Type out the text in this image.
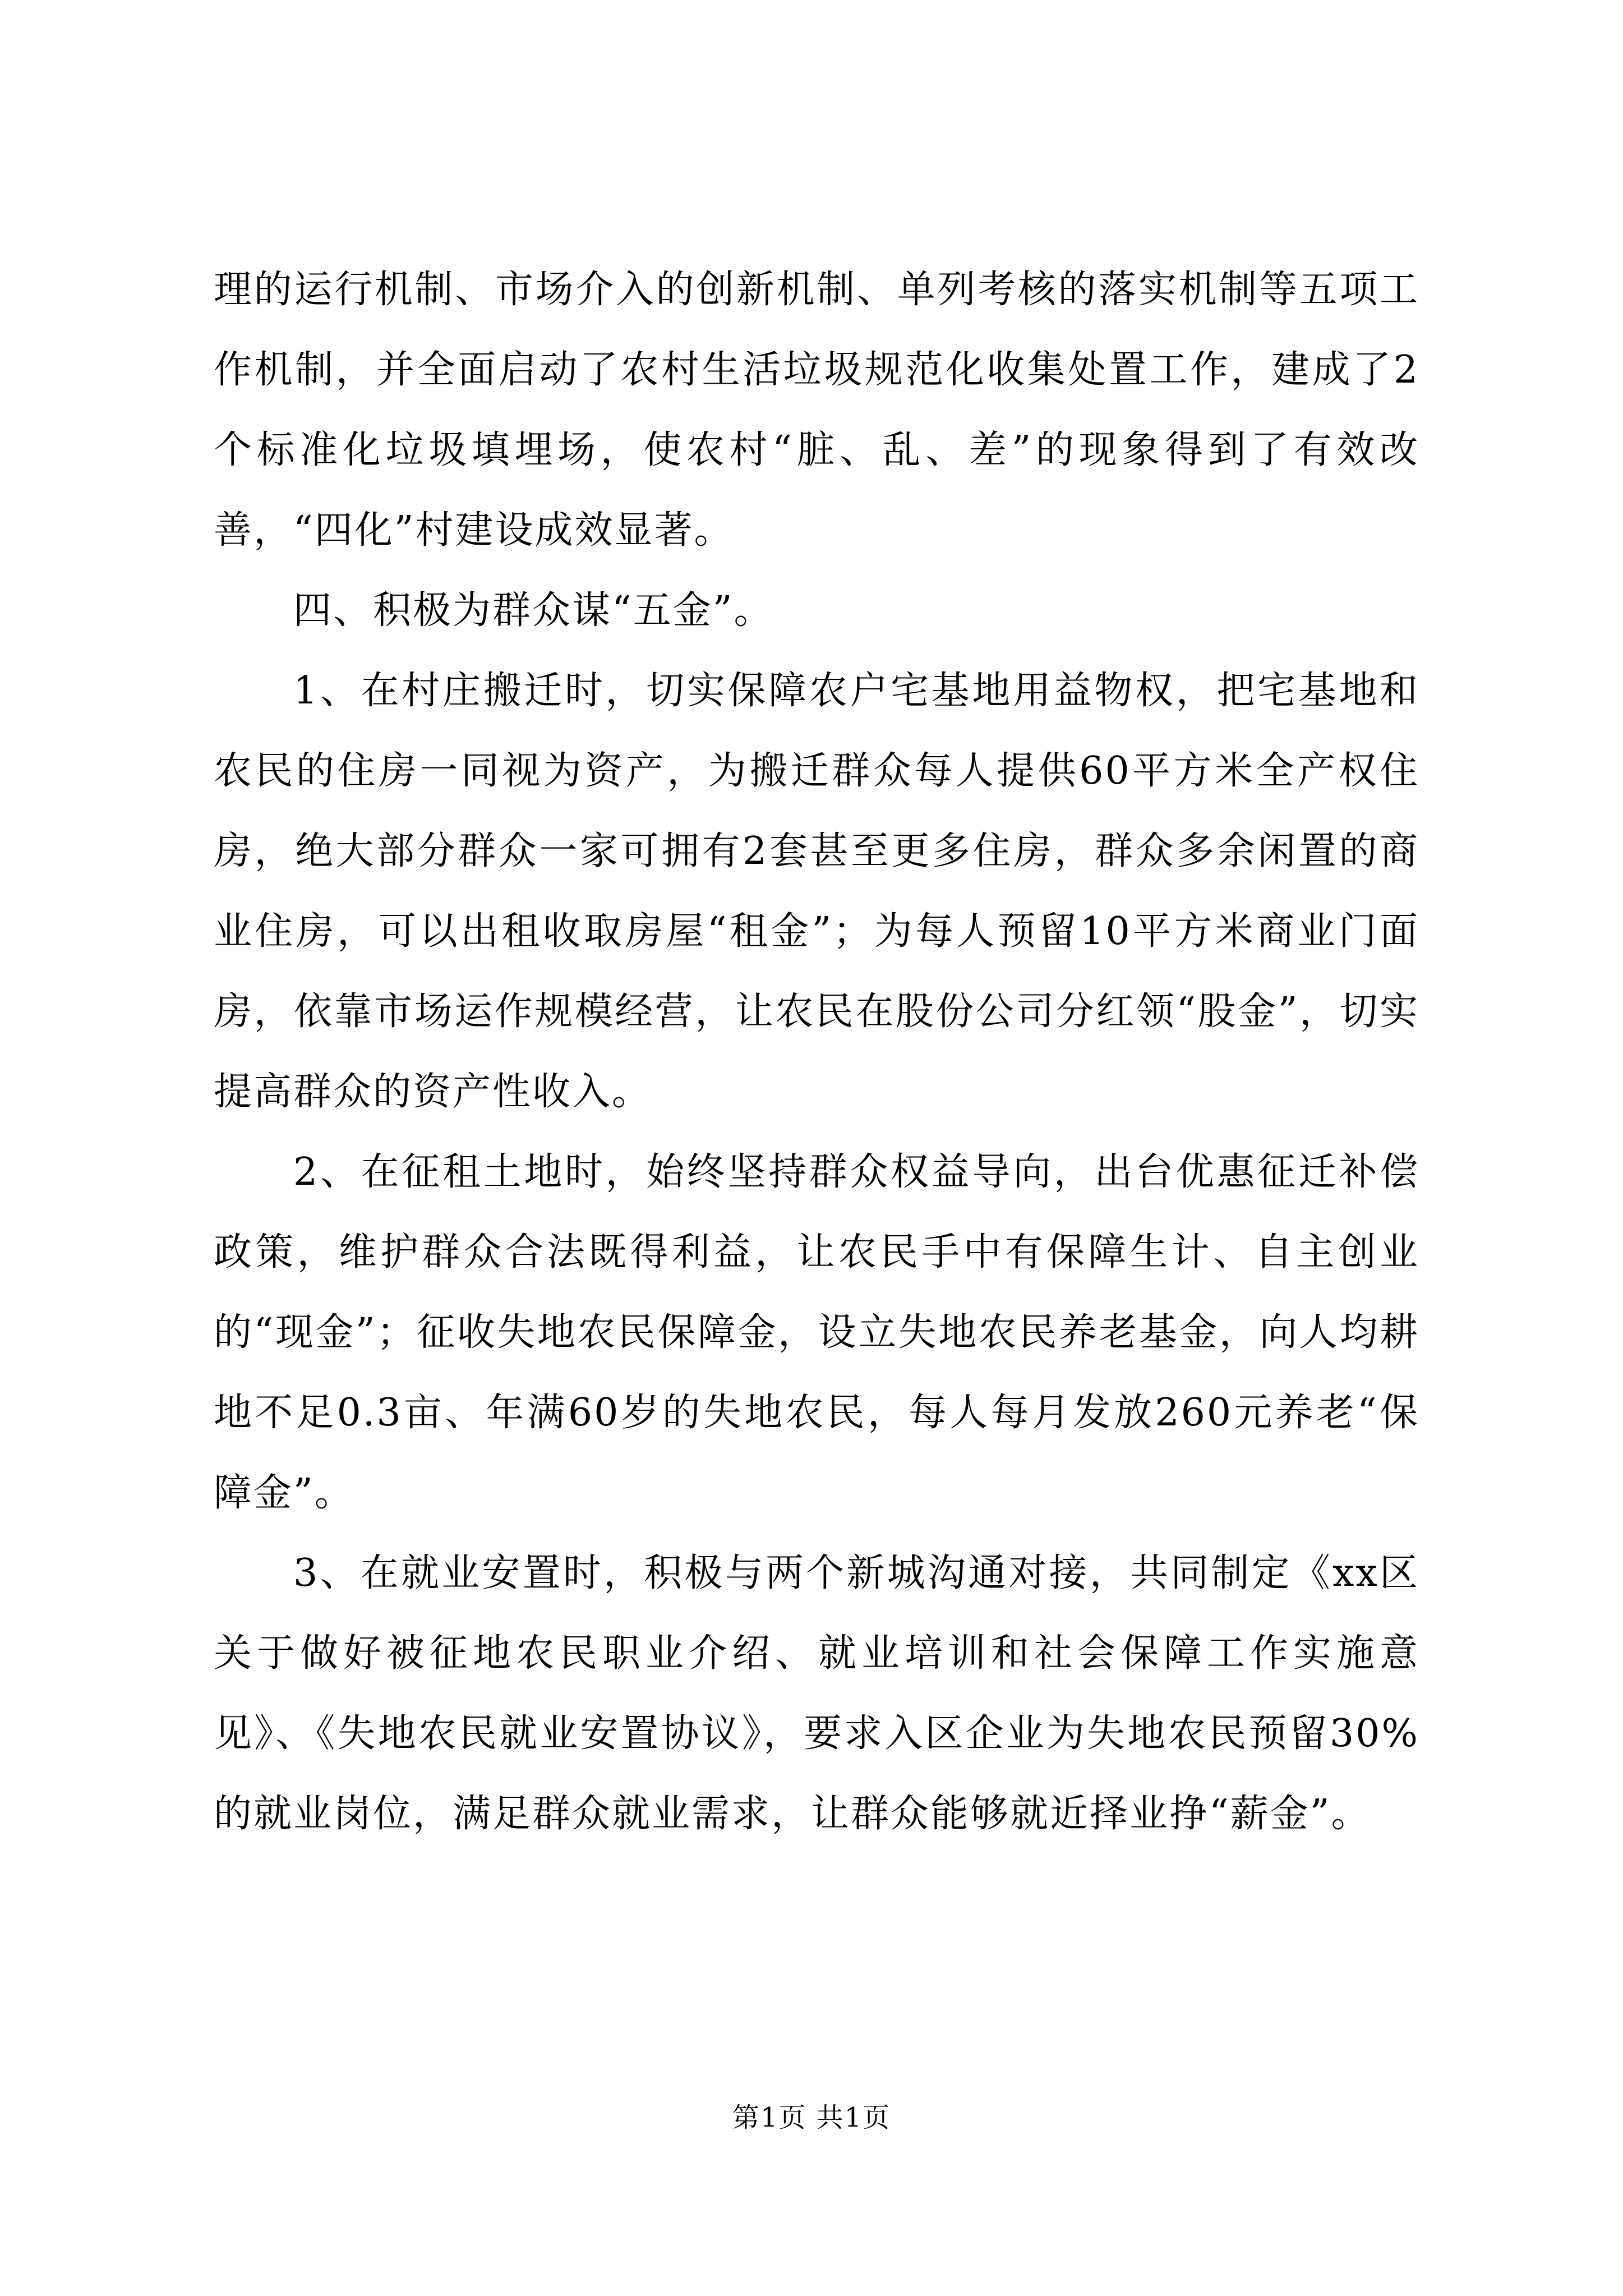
理的运行机制、市场介入的创新机制、单列考核的落实机制等五项工作机制，并全面启动了农村生活垃圾规范化收集处置工作，建成了2个标准化垃圾填埋场，使农村“脏、乱、差”的现象得到了有效改善，“四化”村建设成效显著。

四、积极为群众谋“五金”。

1、在村庄搬迁时，切实保障农户宅基地用益物权，把宅基地和农民的住房一同视为资产，为搬迁群众每人提供60平方米全产权住房，绝大部分群众一家可拥有2套甚至更多住房，群众多余闲置的商业住房，可以出租收取房屋“租金”；为每人预留10平方米商业门面房，依靠市场运作规模经营，让农民在股份公司分红领“股金”，切实提高群众的资产性收入。

2、在征租土地时，始终坚持群众权益导向，出台优惠征迁补偿政策，维护群众合法既得利益，让农民手中有保障生计、自主创业的“现金”；征收失地农民保障金，设立失地农民养老基金，向人均耕地不足0.3亩、年满60岁的失地农民，每人每月发放260元养老“保障金”。

3、在就业安置时，积极与两个新城沟通对接，共同制定《xx区关于做好被征地农民职业介绍、就业培训和社会保障工作实施意见》、《失地农民就业安置协议》，要求入区企业为失地农民预留30%的就业岗位，满足群众就业需求，让群众能够就近择业挣“薪金”。

第1页 共1页
